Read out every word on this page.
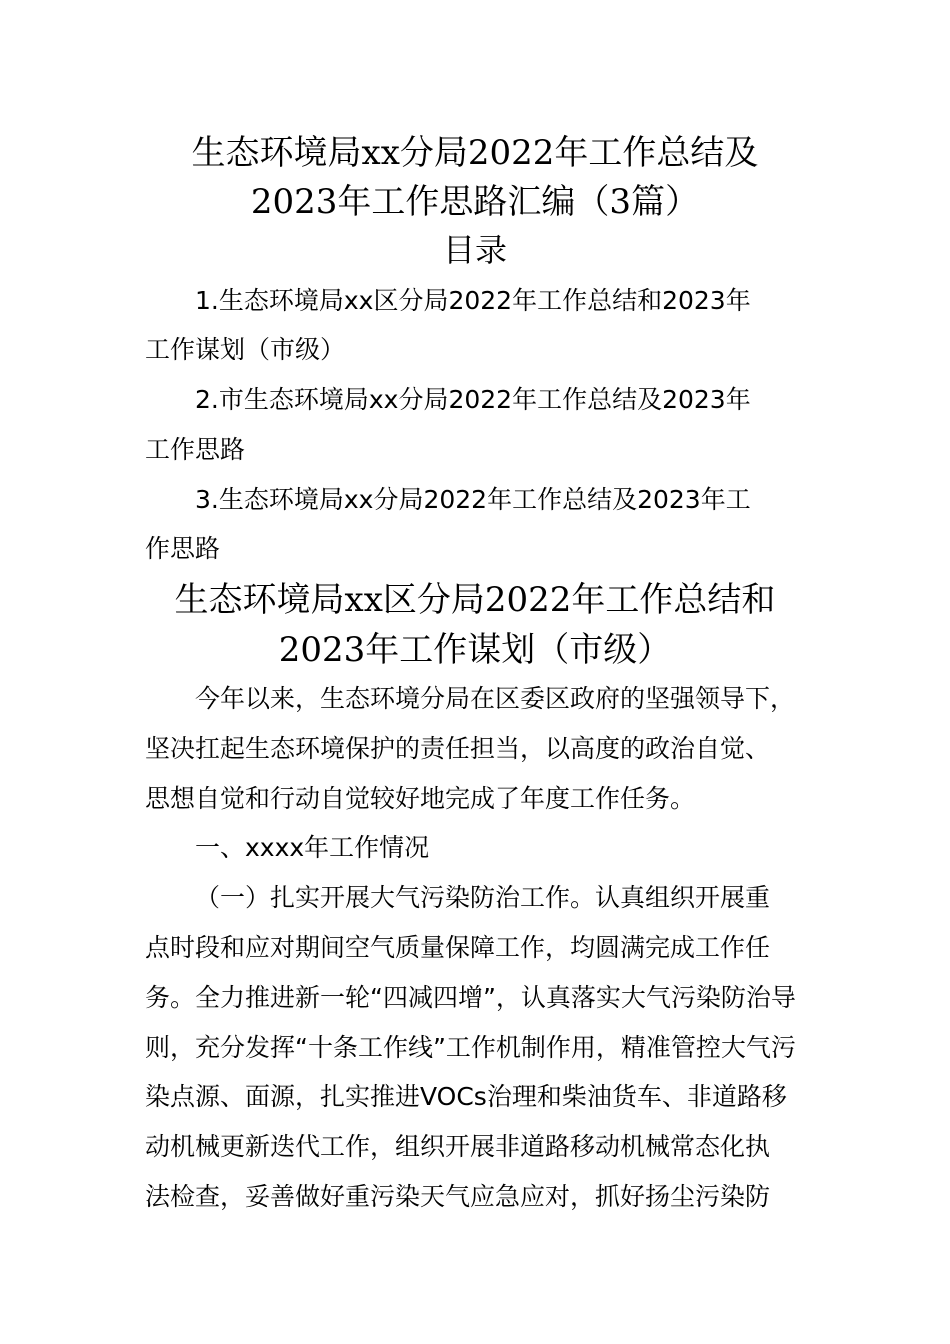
生态环境局xx分局2022年工作总结及
2023年工作思路汇编（3篇）
目录
1.生态环境局xx区分局2022年工作总结和2023年
工作谋划（市级）
2.市生态环境局xx分局2022年工作总结及2023年
工作思路
3.生态环境局xx分局2022年工作总结及2023年工
作思路
生态环境局xx区分局2022年工作总结和
2023年工作谋划（市级）
今年以来，生态环境分局在区委区政府的坚强领导下，
坚决扛起生态环境保护的责任担当，以高度的政治自觉、
思想自觉和行动自觉较好地完成了年度工作任务。
一、xxxx年工作情况
（一）扎实开展大气污染防治工作。认真组织开展重
点时段和应对期间空气质量保障工作，均圆满完成工作任
务。全力推进新一轮“四减四增”，认真落实大气污染防治导
则，充分发挥“十条工作线”工作机制作用，精准管控大气污
染点源、面源，扎实推进VOCs治理和柴油货车、非道路移
动机械更新迭代工作，组织开展非道路移动机械常态化执
法检查，妥善做好重污染天气应急应对，抓好扬尘污染防
